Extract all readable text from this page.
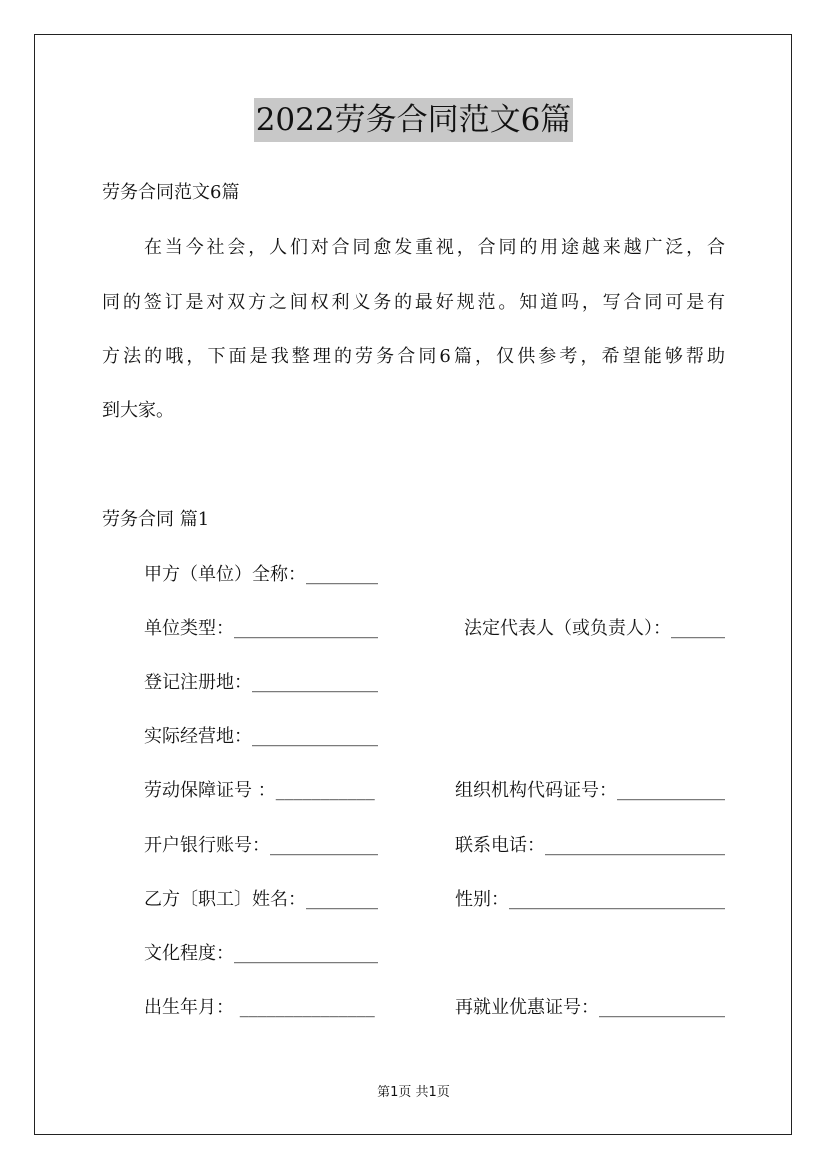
2022劳务合同范文6篇
劳务合同范文6篇
在当今社会，人们对合同愈发重视，合同的用途越来越广泛，合
同的签订是对双方之间权利义务的最好规范。知道吗，写合同可是有
方法的哦，下面是我整理的劳务合同6篇，仅供参考，希望能够帮助
到大家。
劳务合同 篇1
甲方（单位）全称：________
单位类型：________________	法定代表人（或负责人）：______
登记注册地：______________
实际经营地：______________
劳动保障证号 ：___________	组织机构代码证号：____________
开户银行账号：____________	联系电话：____________________
乙方〔职工〕姓名：________	性别：________________________
文化程度：________________
出生年月： _______________	再就业优惠证号：______________
第1页 共1页
